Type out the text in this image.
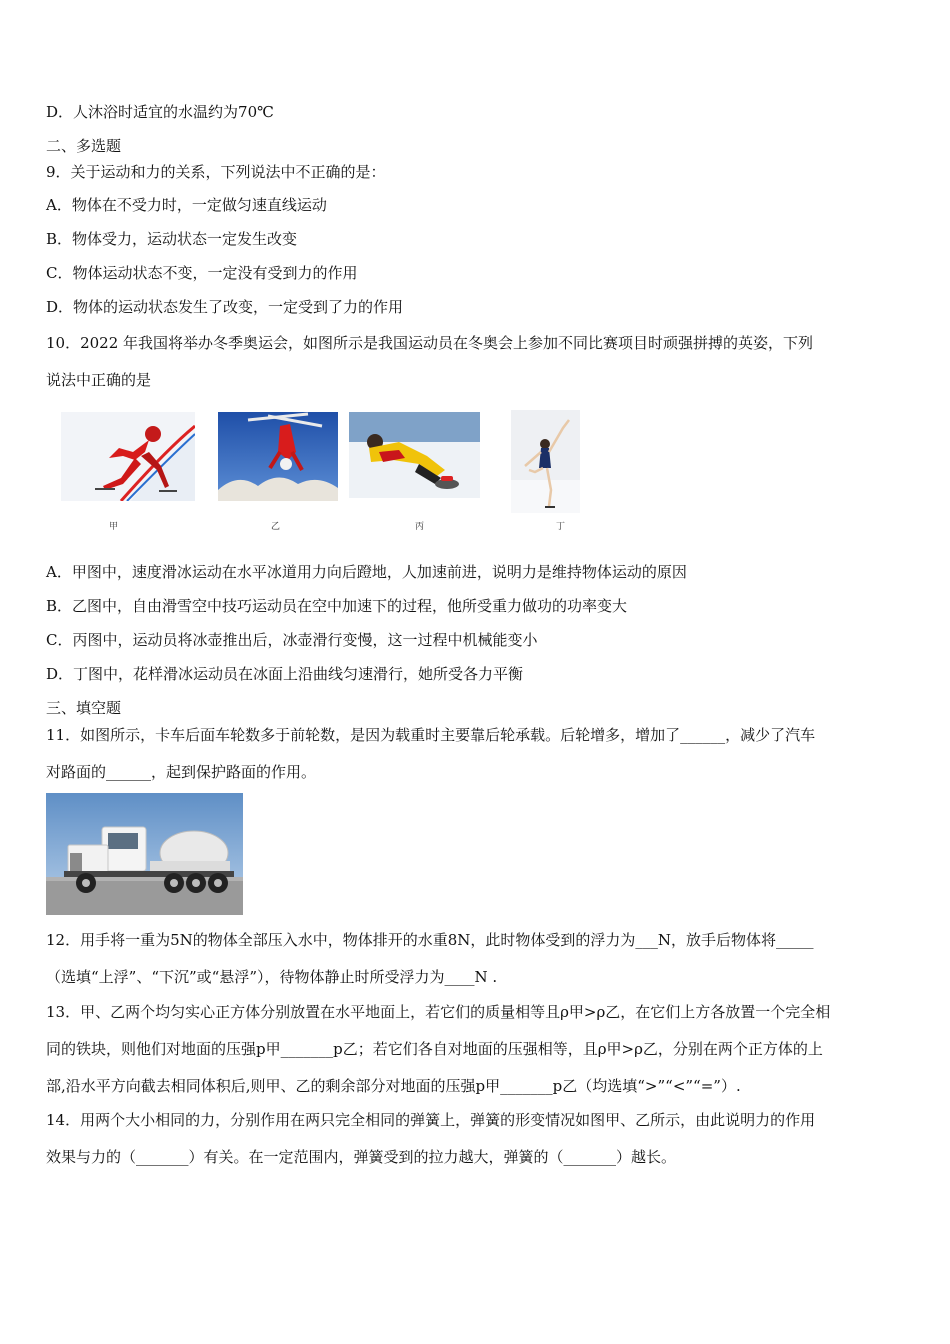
D．人沐浴时适宜的水温约为70℃
二、多选题
9．关于运动和力的关系，下列说法中不正确的是：
A．物体在不受力时，一定做匀速直线运动
B．物体受力，运动状态一定发生改变
C．物体运动状态不变，一定没有受到力的作用
D．物体的运动状态发生了改变，一定受到了力的作用
10．2022 年我国将举办冬季奥运会，如图所示是我国运动员在冬奥会上参加不同比赛项目时顽强拼搏的英姿，下列
说法中正确的是
甲	乙	丙	丁
A．甲图中，速度滑冰运动在水平冰道用力向后蹬地，人加速前进，说明力是维持物体运动的原因
B．乙图中，自由滑雪空中技巧运动员在空中加速下的过程，他所受重力做功的功率变大
C．丙图中，运动员将冰壶推出后，冰壶滑行变慢，这一过程中机械能变小
D．丁图中，花样滑冰运动员在冰面上沿曲线匀速滑行，她所受各力平衡
三、填空题
11．如图所示，卡车后面车轮数多于前轮数，是因为载重时主要靠后轮承载。后轮增多，增加了______，减少了汽车
对路面的______，起到保护路面的作用。
12．用手将一重为5N的物体全部压入水中，物体排开的水重8N，此时物体受到的浮力为___N，放手后物体将_____
（选填“上浮”、“下沉”或“悬浮”），待物体静止时所受浮力为____N .
13．甲、乙两个均匀实心正方体分别放置在水平地面上，若它们的质量相等且ρ甲>ρ乙，在它们上方各放置一个完全相
同的铁块，则他们对地面的压强p甲_______p乙；若它们各自对地面的压强相等，且ρ甲>ρ乙，分别在两个正方体的上
部,沿水平方向截去相同体积后,则甲、乙的剩余部分对地面的压强p甲_______p乙（均选填“>”“<”“=”）.
14．用两个大小相同的力，分别作用在两只完全相同的弹簧上，弹簧的形变情况如图甲、乙所示，由此说明力的作用
效果与力的（_______）有关。在一定范围内，弹簧受到的拉力越大，弹簧的（_______）越长。
